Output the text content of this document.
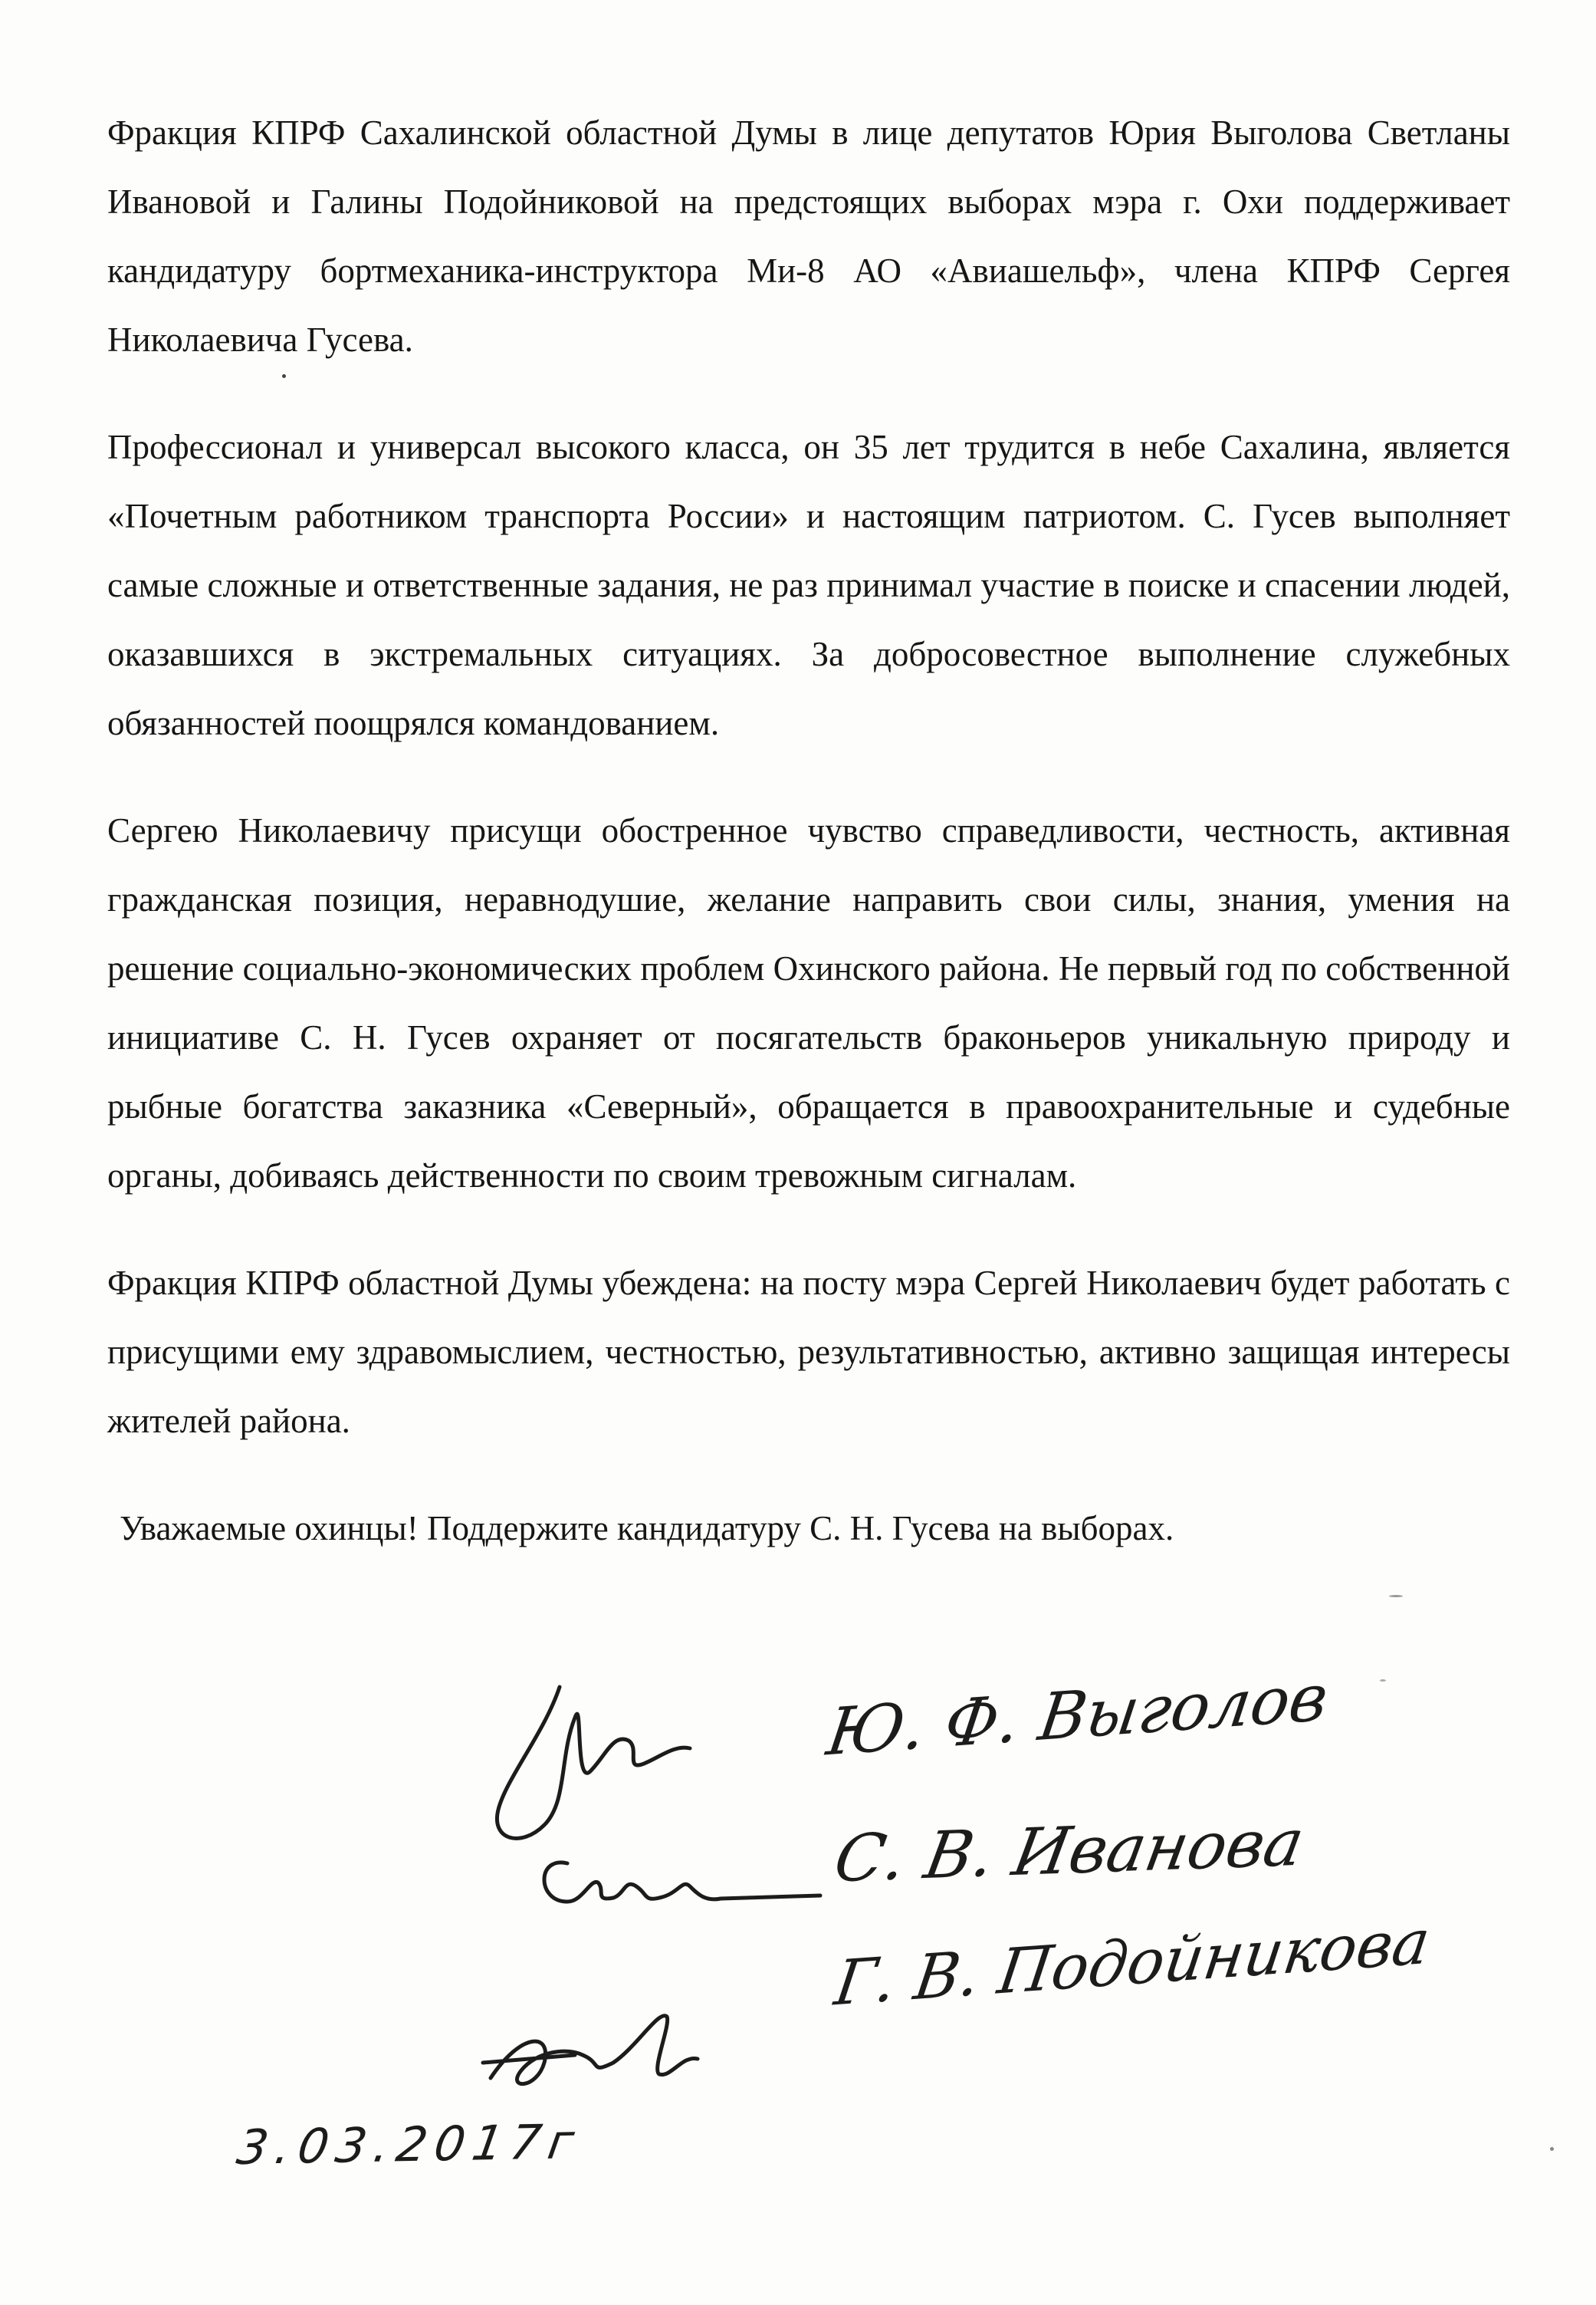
Фракция КПРФ Сахалинской областной Думы в лице депутатов Юрия Выголова Светланы Ивановой и Галины Подойниковой на предстоящих выборах мэра г. Охи поддерживает кандидатуру бортмеханика-инструктора Ми-8 АО «Авиашельф», члена КПРФ Сергея Николаевича Гусева.

Профессионал и универсал высокого класса, он 35 лет трудится в небе Сахалина, является «Почетным работником транспорта России» и настоящим патриотом. С. Гусев выполняет самые сложные и ответственные задания, не раз принимал участие в поиске и спасении людей, оказавшихся в экстремальных ситуациях. За добросовестное выполнение служебных обязанностей поощрялся командованием.

Сергею Николаевичу присущи обостренное чувство справедливости, честность, активная гражданская позиция, неравнодушие, желание направить свои силы, знания, умения на решение социально-экономических проблем Охинского района. Не первый год по собственной инициативе С. Н. Гусев охраняет от посягательств браконьеров уникальную природу и рыбные богатства заказника «Северный», обращается в правоохранительные и судебные органы, добиваясь действенности по своим тревожным сигналам.

Фракция КПРФ областной Думы убеждена: на посту мэра Сергей Николаевич будет работать с присущими ему здравомыслием, честностью, результативностью, активно защищая интересы жителей района.

Уважаемые охинцы! Поддержите кандидатуру С. Н. Гусева на выборах.

Ю. Ф. Выголов
С. В. Иванова
Г. В. Подойникова
3.03.2017г
